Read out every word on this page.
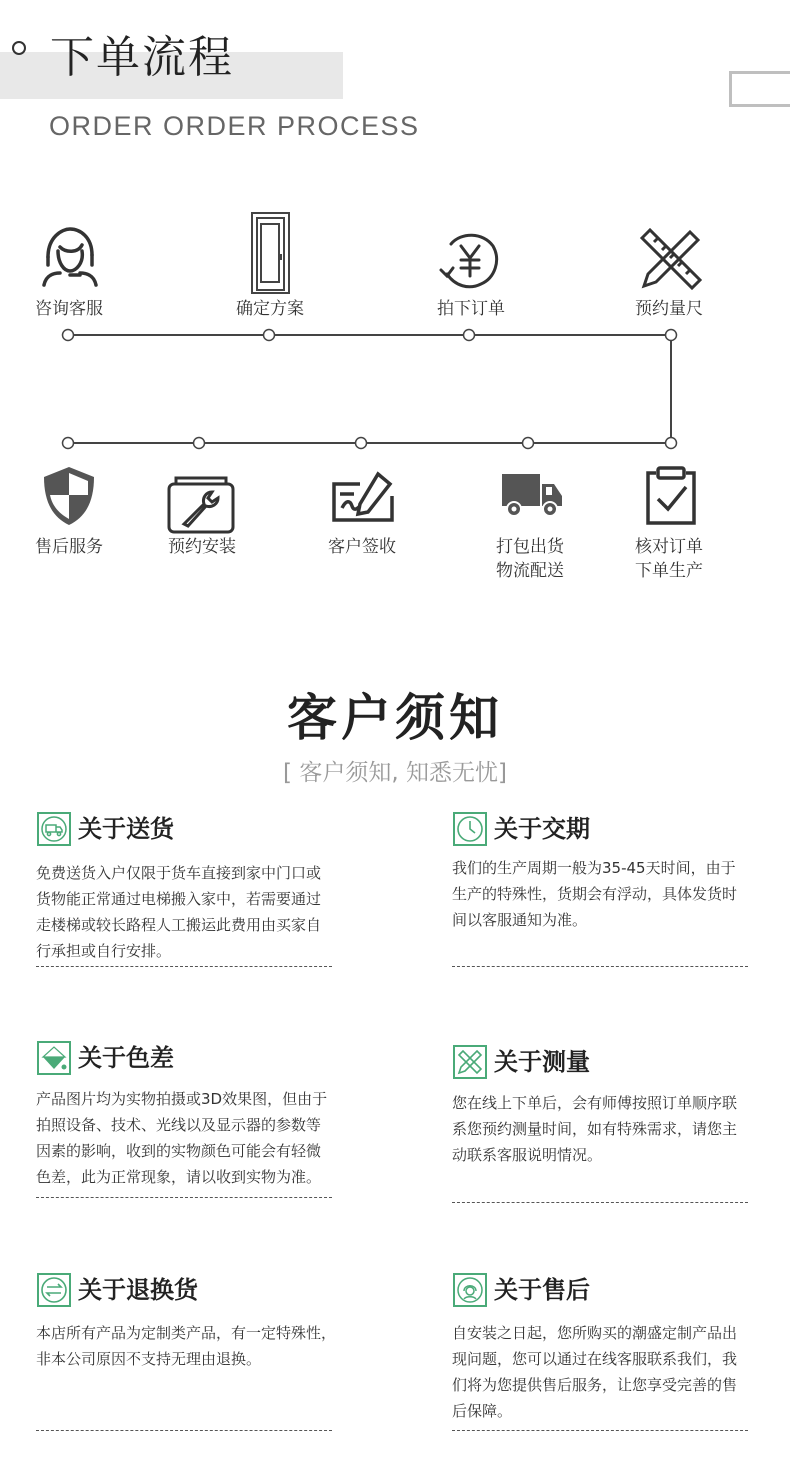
下单流程
ORDER ORDER PROCESS
咨询客服	确定方案	拍下订单	预约量尺
售后服务	预约安装	客户签收	打包出货
物流配送
核对订单
下单生产
客户须知
[ 客户须知, 知悉无忧]
关于送货
免费送货入户仅限于货车直接到家中门口或
货物能正常通过电梯搬入家中，若需要通过
走楼梯或较长路程人工搬运此费用由买家自
行承担或自行安排。
关于交期
我们的生产周期一般为35-45天时间，由于
生产的特殊性，货期会有浮动，具体发货时
间以客服通知为准。
关于色差
产品图片均为实物拍摄或3D效果图，但由于
拍照设备、技术、光线以及显示器的参数等
因素的影响，收到的实物颜色可能会有轻微
色差，此为正常现象，请以收到实物为准。
关于测量
您在线上下单后，会有师傅按照订单顺序联
系您预约测量时间，如有特殊需求，请您主
动联系客服说明情况。
关于退换货
本店所有产品为定制类产品，有一定特殊性，
非本公司原因不支持无理由退换。
关于售后
自安装之日起，您所购买的潮盛定制产品出
现问题，您可以通过在线客服联系我们，我
们将为您提供售后服务，让您享受完善的售
后保障。
